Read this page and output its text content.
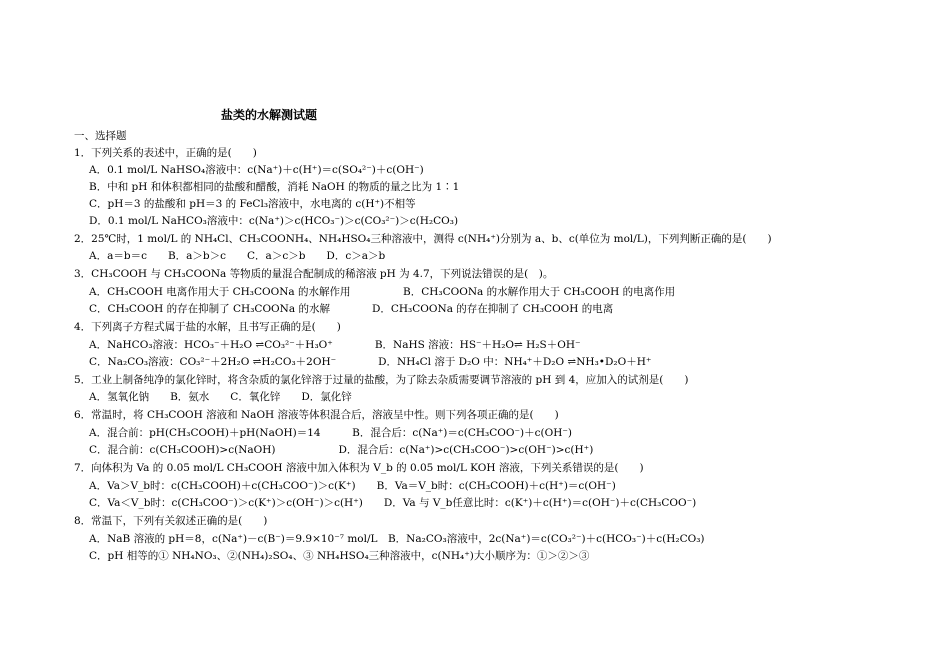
盐类的水解测试题
一、选择题
1．下列关系的表述中，正确的是(　　)
A．0.1 mol/L NaHSO₄溶液中：c(Na⁺)＋c(H⁺)＝c(SO₄²⁻)＋c(OH⁻)
B．中和 pH 和体积都相同的盐酸和醋酸，消耗 NaOH 的物质的量之比为 1∶1
C．pH＝3 的盐酸和 pH＝3 的 FeCl₃溶液中，水电离的 c(H⁺)不相等
D．0.1 mol/L NaHCO₃溶液中：c(Na⁺)＞c(HCO₃⁻)＞c(CO₃²⁻)＞c(H₂CO₃)
2．25℃时，1 mol/L 的 NH₄Cl、CH₃COONH₄、NH₄HSO₄三种溶液中，测得 c(NH₄⁺)分别为 a、b、c(单位为 mol/L)，下列判断正确的是(　　)
A．a＝b＝c　　B．a＞b＞c　　C．a＞c＞b　　D．c＞a＞b
3．CH₃COOH 与 CH₃COONa 等物质的量混合配制成的稀溶液 pH 为 4.7，下列说法错误的是(　)。
A．CH₃COOH 电离作用大于 CH₃COONa 的水解作用　　　　　B．CH₃COONa 的水解作用大于 CH₃COOH 的电离作用
C．CH₃COOH 的存在抑制了 CH₃COONa 的水解　　　　D．CH₃COONa 的存在抑制了 CH₃COOH 的电离
4．下列离子方程式属于盐的水解，且书写正确的是(　　)
A．NaHCO₃溶液：HCO₃⁻＋H₂O ⇌CO₃²⁻＋H₃O⁺　　　　B．NaHS 溶液：HS⁻＋H₂O⇌ H₂S＋OH⁻
C．Na₂CO₃溶液：CO₃²⁻＋2H₂O ⇌H₂CO₃＋2OH⁻　　　　D．NH₄Cl 溶于 D₂O 中：NH₄⁺＋D₂O ⇌NH₃•D₂O＋H⁺
5．工业上制备纯净的氯化锌时，将含杂质的氯化锌溶于过量的盐酸，为了除去杂质需要调节溶液的 pH 到 4，应加入的试剂是(　　)
A．氢氧化钠　　B．氨水　　C．氧化锌　　D．氯化锌
6．常温时，将 CH₃COOH 溶液和 NaOH 溶液等体积混合后，溶液呈中性。则下列各项正确的是(　　)
A．混合前：pH(CH₃COOH)＋pH(NaOH)＝14　　　B．混合后：c(Na⁺)＝c(CH₃COO⁻)＋c(OH⁻)
C．混合前：c(CH₃COOH)>c(NaOH)　　　　　　D．混合后：c(Na⁺)>c(CH₃COO⁻)>c(OH⁻)>c(H⁺)
7．向体积为 Va 的 0.05 mol/L CH₃COOH 溶液中加入体积为 V_b 的 0.05 mol/L KOH 溶液，下列关系错误的是(　　)
A．Va＞V_b时：c(CH₃COOH)＋c(CH₃COO⁻)＞c(K⁺)　　B．Va＝V_b时：c(CH₃COOH)＋c(H⁺)＝c(OH⁻)
C．Va＜V_b时：c(CH₃COO⁻)＞c(K⁺)＞c(OH⁻)＞c(H⁺)　　D．Va 与 V_b任意比时：c(K⁺)＋c(H⁺)＝c(OH⁻)＋c(CH₃COO⁻)
8．常温下，下列有关叙述正确的是(　　)
A．NaB 溶液的 pH＝8，c(Na⁺)－c(B⁻)＝9.9×10⁻⁷ mol/L　B．Na₂CO₃溶液中，2c(Na⁺)＝c(CO₃²⁻)＋c(HCO₃⁻)＋c(H₂CO₃)
C．pH 相等的① NH₄NO₃、②(NH₄)₂SO₄、③ NH₄HSO₄三种溶液中，c(NH₄⁺)大小顺序为：①＞②＞③
